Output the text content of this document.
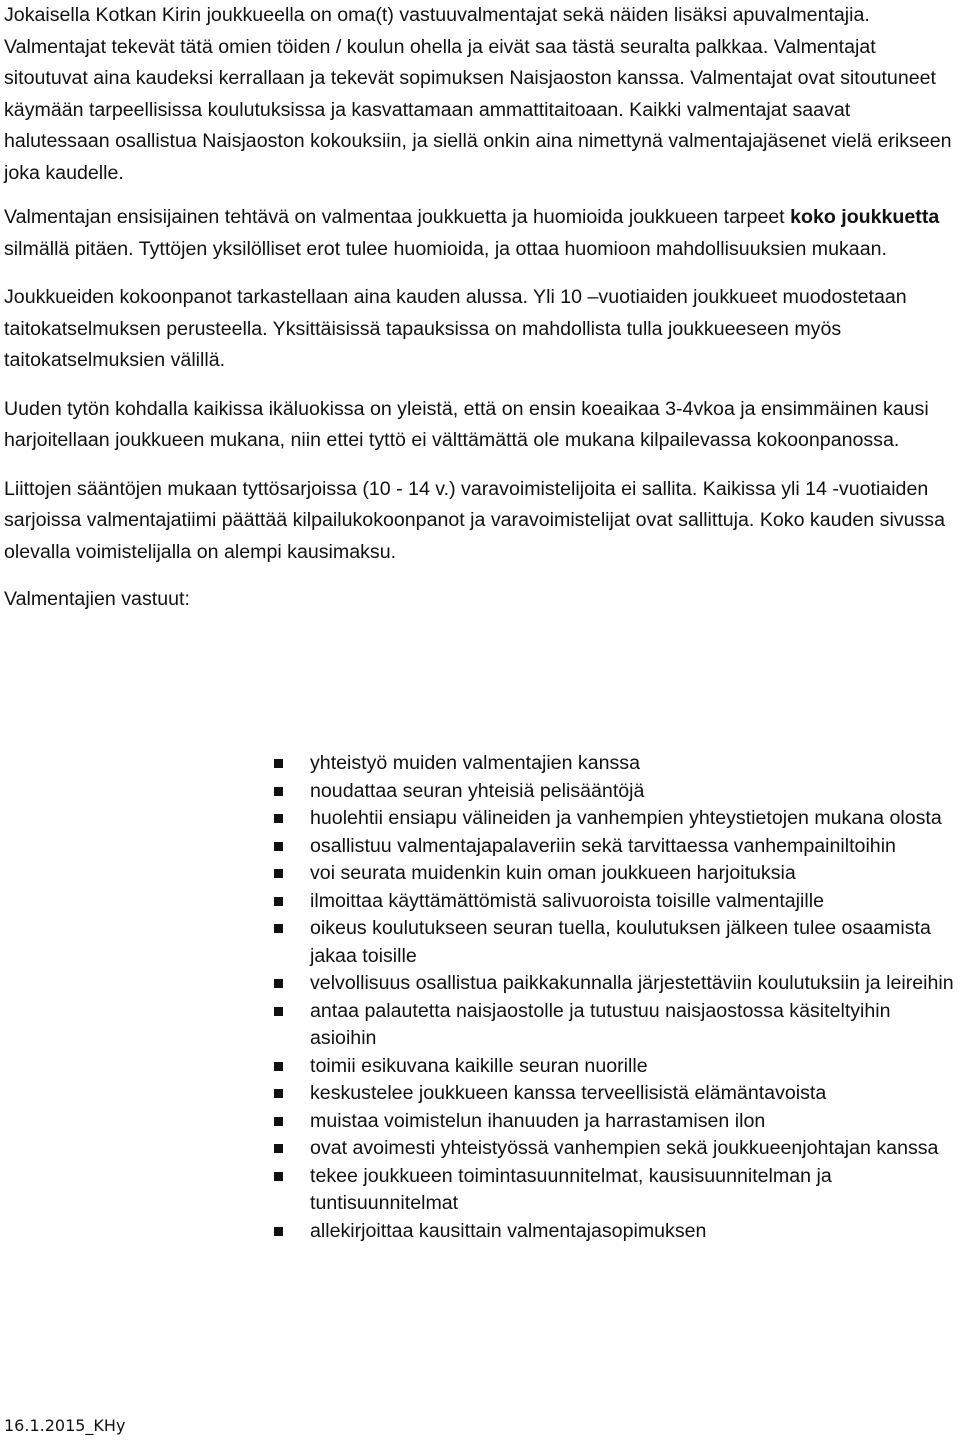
Jokaisella Kotkan Kirin joukkueella on oma(t) vastuuvalmentajat sekä näiden lisäksi apuvalmentajia. Valmentajat tekevät tätä omien töiden / koulun ohella ja eivät saa tästä seuralta palkkaa. Valmentajat sitoutuvat aina kaudeksi kerrallaan ja tekevät sopimuksen Naisjaoston kanssa. Valmentajat ovat sitoutuneet käymään tarpeellisissa koulutuksissa ja kasvattamaan ammattitaitoaan. Kaikki valmentajat saavat halutessaan osallistua Naisjaoston kokouksiin, ja siellä onkin aina nimettynä valmentajajäsenet vielä erikseen joka kaudelle.

Valmentajan ensisijainen tehtävä on valmentaa joukkuetta ja huomioida joukkueen tarpeet koko joukkuetta silmällä pitäen. Tyttöjen yksilölliset erot tulee huomioida, ja ottaa huomioon mahdollisuuksien mukaan.

Joukkueiden kokoonpanot tarkastellaan aina kauden alussa. Yli 10 –vuotiaiden joukkueet muodostetaan taitokatselmuksen perusteella. Yksittäisissä tapauksissa on mahdollista tulla joukkueeseen myös taitokatselmuksien välillä.

Uuden tytön kohdalla kaikissa ikäluokissa on yleistä, että on ensin koeaikaa 3-4vkoa ja ensimmäinen kausi harjoitellaan joukkueen mukana, niin ettei tyttö ei välttämättä ole mukana kilpailevassa kokoonpanossa.

Liittojen sääntöjen mukaan tyttösarjoissa (10 - 14 v.) varavoimistelijoita ei sallita. Kaikissa yli 14 -vuotiaiden sarjoissa valmentajatiimi päättää kilpailukokoonpanot ja varavoimistelijat ovat sallittuja. Koko kauden sivussa olevalla voimistelijalla on alempi kausimaksu.

Valmentajien vastuut:

yhteistyö muiden valmentajien kanssa
noudattaa seuran yhteisiä pelisääntöjä
huolehtii ensiapu välineiden ja vanhempien yhteystietojen mukana olosta
osallistuu valmentajapalaveriin sekä tarvittaessa vanhempainiltoihin
voi seurata muidenkin kuin oman joukkueen harjoituksia
ilmoittaa käyttämättömistä salivuoroista toisille valmentajille
oikeus koulutukseen seuran tuella, koulutuksen jälkeen tulee osaamista jakaa toisille
velvollisuus osallistua paikkakunnalla järjestettäviin koulutuksiin ja leireihin
antaa palautetta naisjaostolle ja tutustuu naisjaostossa käsiteltyihin asioihin
toimii esikuvana kaikille seuran nuorille
keskustelee joukkueen kanssa terveellisistä elämäntavoista
muistaa voimistelun ihanuuden ja harrastamisen ilon
ovat avoimesti yhteistyössä vanhempien sekä joukkueenjohtajan kanssa
tekee joukkueen toimintasuunnitelmat, kausisuunnitelman ja tuntisuunnitelmat
allekirjoittaa kausittain valmentajasopimuksen
16.1.2015_KHy
